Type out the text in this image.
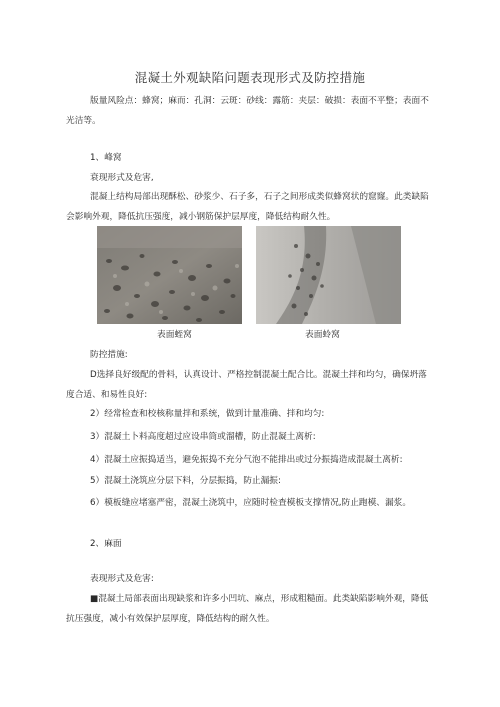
混凝土外观缺陷问题表现形式及防控措施

版量风险点：蜂窝；麻而：孔洞：云斑：砂线：露筋：夹层：破损：表面不平整；表面不光洁等。

1、峰窝
衰现形式及危害,

混凝上结构局部出现酥松、砂浆少、石子多，石子之间形成类似蜂窝状的窟窿。此类缺陷会影响外观，降低抗压强度，减小钢筋保护层厚度，降低结构耐久性。

表面蛭窝	表面蛉窝
防控措施:

D选择良好级配的骨料，认真设计、严格控制混凝土配合比。混凝土拌和均匀，确保坍落度合适、和易性良好:

2）经常检查和校核称量拌和系统，做到计量准确、拌和均匀:

3）混凝土卜料高度超过应设串筒或溜槽，防止混凝土离析:

4）混凝土应振捣适当，避免振捣不充分气泡不能排出或过分振捣造成混凝土离析:

5）混凝土浇筑应分层下料，分层振捣，防止漏振:

6）模板缝应堵塞严密，混凝土浇筑中，应随时检査模板支撑情况,防止跑模、漏浆。

2、麻面
表现形式及危害:

■混凝土局部表面出现缺浆和许多小凹坑、麻点，形成粗糙面。此类缺陷影响外观，降低抗压强度，减小有效保护层厚度，降低结构的耐久性。
